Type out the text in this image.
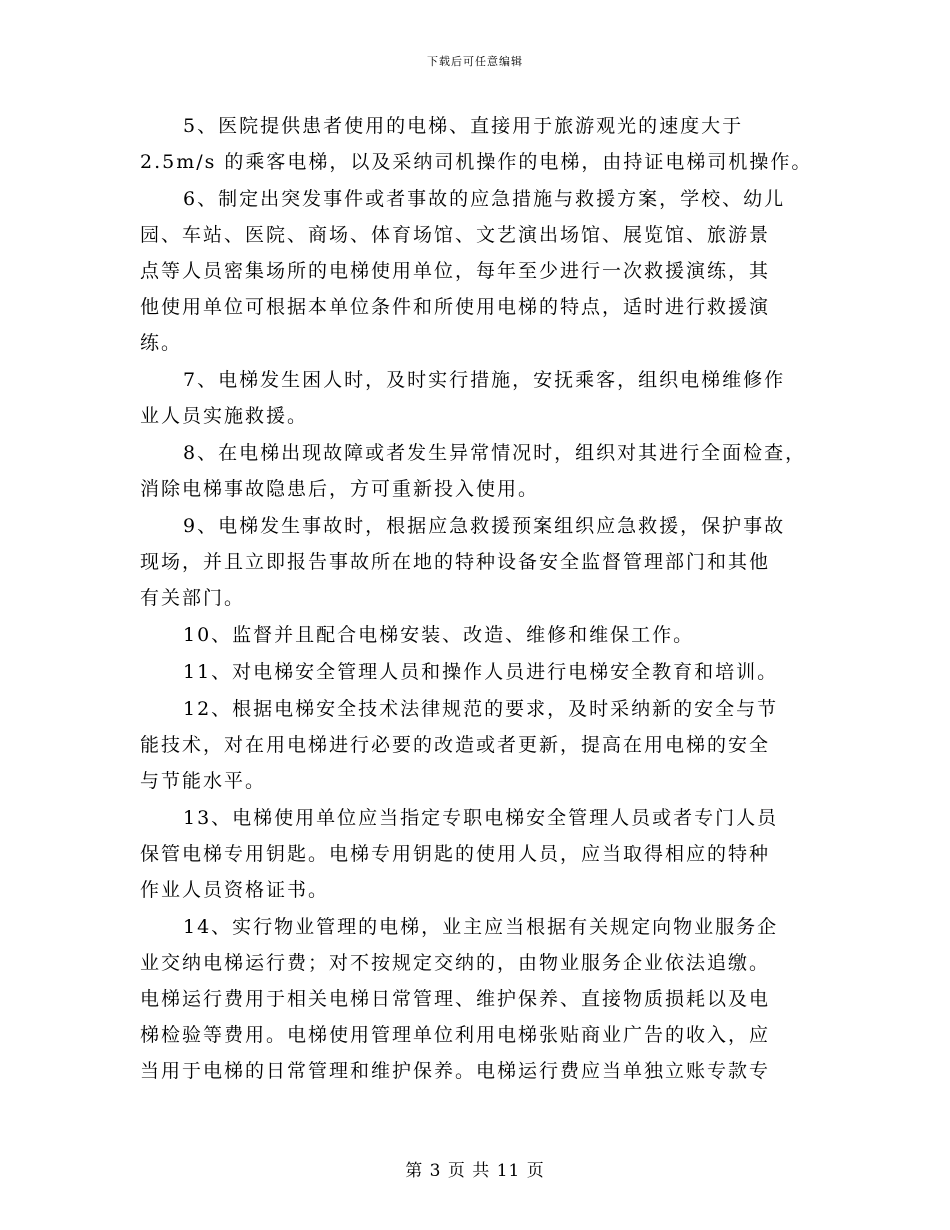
下载后可任意编辑
5、医院提供患者使用的电梯、直接用于旅游观光的速度大于
2.5m/s 的乘客电梯，以及采纳司机操作的电梯，由持证电梯司机操作。
6、制定出突发事件或者事故的应急措施与救援方案，学校、幼儿
园、车站、医院、商场、体育场馆、文艺演出场馆、展览馆、旅游景
点等人员密集场所的电梯使用单位，每年至少进行一次救援演练，其
他使用单位可根据本单位条件和所使用电梯的特点，适时进行救援演
练。
7、电梯发生困人时，及时实行措施，安抚乘客，组织电梯维修作
业人员实施救援。
8、在电梯出现故障或者发生异常情况时，组织对其进行全面检查，
消除电梯事故隐患后，方可重新投入使用。
9、电梯发生事故时，根据应急救援预案组织应急救援，保护事故
现场，并且立即报告事故所在地的特种设备安全监督管理部门和其他
有关部门。
10、监督并且配合电梯安装、改造、维修和维保工作。
11、对电梯安全管理人员和操作人员进行电梯安全教育和培训。
12、根据电梯安全技术法律规范的要求，及时采纳新的安全与节
能技术，对在用电梯进行必要的改造或者更新，提高在用电梯的安全
与节能水平。
13、电梯使用单位应当指定专职电梯安全管理人员或者专门人员
保管电梯专用钥匙。电梯专用钥匙的使用人员，应当取得相应的特种
作业人员资格证书。
14、实行物业管理的电梯，业主应当根据有关规定向物业服务企
业交纳电梯运行费；对不按规定交纳的，由物业服务企业依法追缴。
电梯运行费用于相关电梯日常管理、维护保养、直接物质损耗以及电
梯检验等费用。电梯使用管理单位利用电梯张贴商业广告的收入，应
当用于电梯的日常管理和维护保养。电梯运行费应当单独立账专款专
第 3 页 共 11 页
